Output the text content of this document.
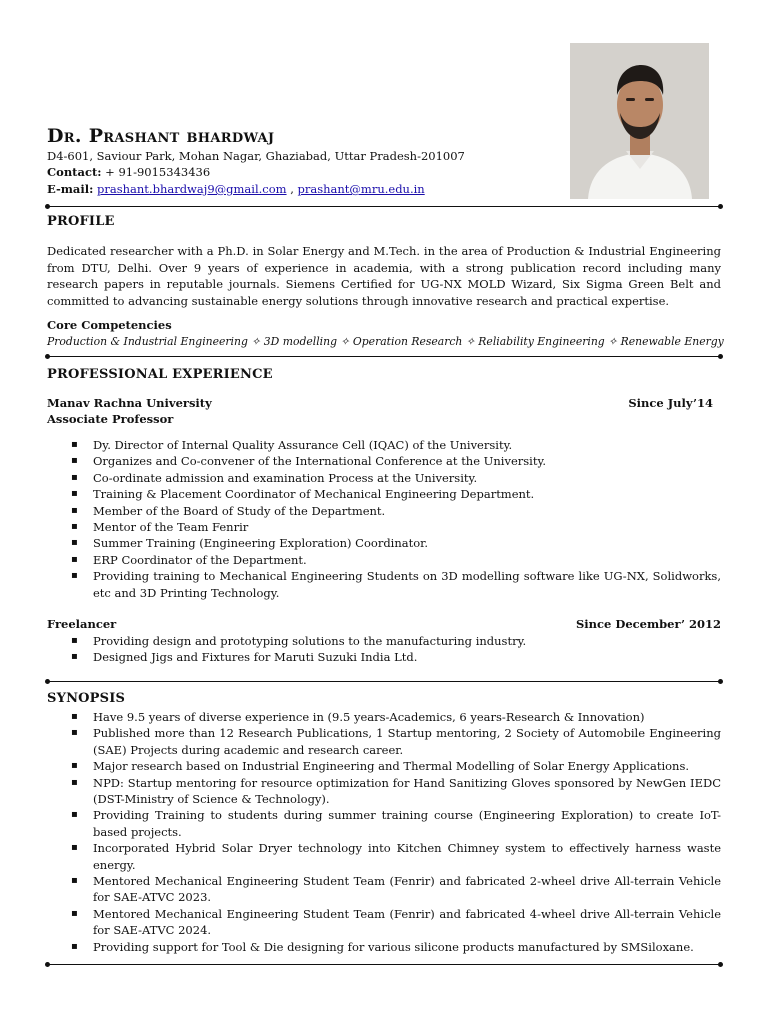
Dr. Prashant bhardwaj
D4-601, Saviour Park, Mohan Nagar, Ghaziabad, Uttar Pradesh-201007
Contact: + 91-9015343436
E-mail: prashant.bhardwaj9@gmail.com , prashant@mru.edu.in
PROFILE
Dedicated researcher with a Ph.D. in Solar Energy and M.Tech. in the area of Production & Industrial Engineering from DTU, Delhi. Over 9 years of experience in academia, with a strong publication record including many research papers in reputable journals. Siemens Certified for UG-NX MOLD Wizard, Six Sigma Green Belt and committed to advancing sustainable energy solutions through innovative research and practical expertise.
Core Competencies
Production & Industrial Engineering ✧ 3D modelling ✧ Operation Research ✧ Reliability Engineering ✧ Renewable Energy
PROFESSIONAL EXPERIENCE
Manav Rachna University	Since July’14
Associate Professor
▪ Dy. Director of Internal Quality Assurance Cell (IQAC) of the University.
▪ Organizes and Co-convener of the International Conference at the University.
▪ Co-ordinate admission and examination Process at the University.
▪ Training & Placement Coordinator of Mechanical Engineering Department.
▪ Member of the Board of Study of the Department.
▪ Mentor of the Team Fenrir
▪ Summer Training (Engineering Exploration) Coordinator.
▪ ERP Coordinator of the Department.
▪ Providing training to Mechanical Engineering Students on 3D modelling software like UG-NX, Solidworks, etc and 3D Printing Technology.
Freelancer	Since December’ 2012
▪ Providing design and prototyping solutions to the manufacturing industry.
▪ Designed Jigs and Fixtures for Maruti Suzuki India Ltd.
SYNOPSIS
▪ Have 9.5 years of diverse experience in (9.5 years-Academics, 6 years-Research & Innovation)
▪ Published more than 12 Research Publications, 1 Startup mentoring, 2 Society of Automobile Engineering (SAE) Projects during academic and research career.
▪ Major research based on Industrial Engineering and Thermal Modelling of Solar Energy Applications.
▪ NPD: Startup mentoring for resource optimization for Hand Sanitizing Gloves sponsored by NewGen IEDC (DST-Ministry of Science & Technology).
▪ Providing Training to students during summer training course (Engineering Exploration) to create IoT-based projects.
▪ Incorporated Hybrid Solar Dryer technology into Kitchen Chimney system to effectively harness waste energy.
▪ Mentored Mechanical Engineering Student Team (Fenrir) and fabricated 2-wheel drive All-terrain Vehicle for SAE-ATVC 2023.
▪ Mentored Mechanical Engineering Student Team (Fenrir) and fabricated 4-wheel drive All-terrain Vehicle for SAE-ATVC 2024.
▪ Providing support for Tool & Die designing for various silicone products manufactured by SMSiloxane.
